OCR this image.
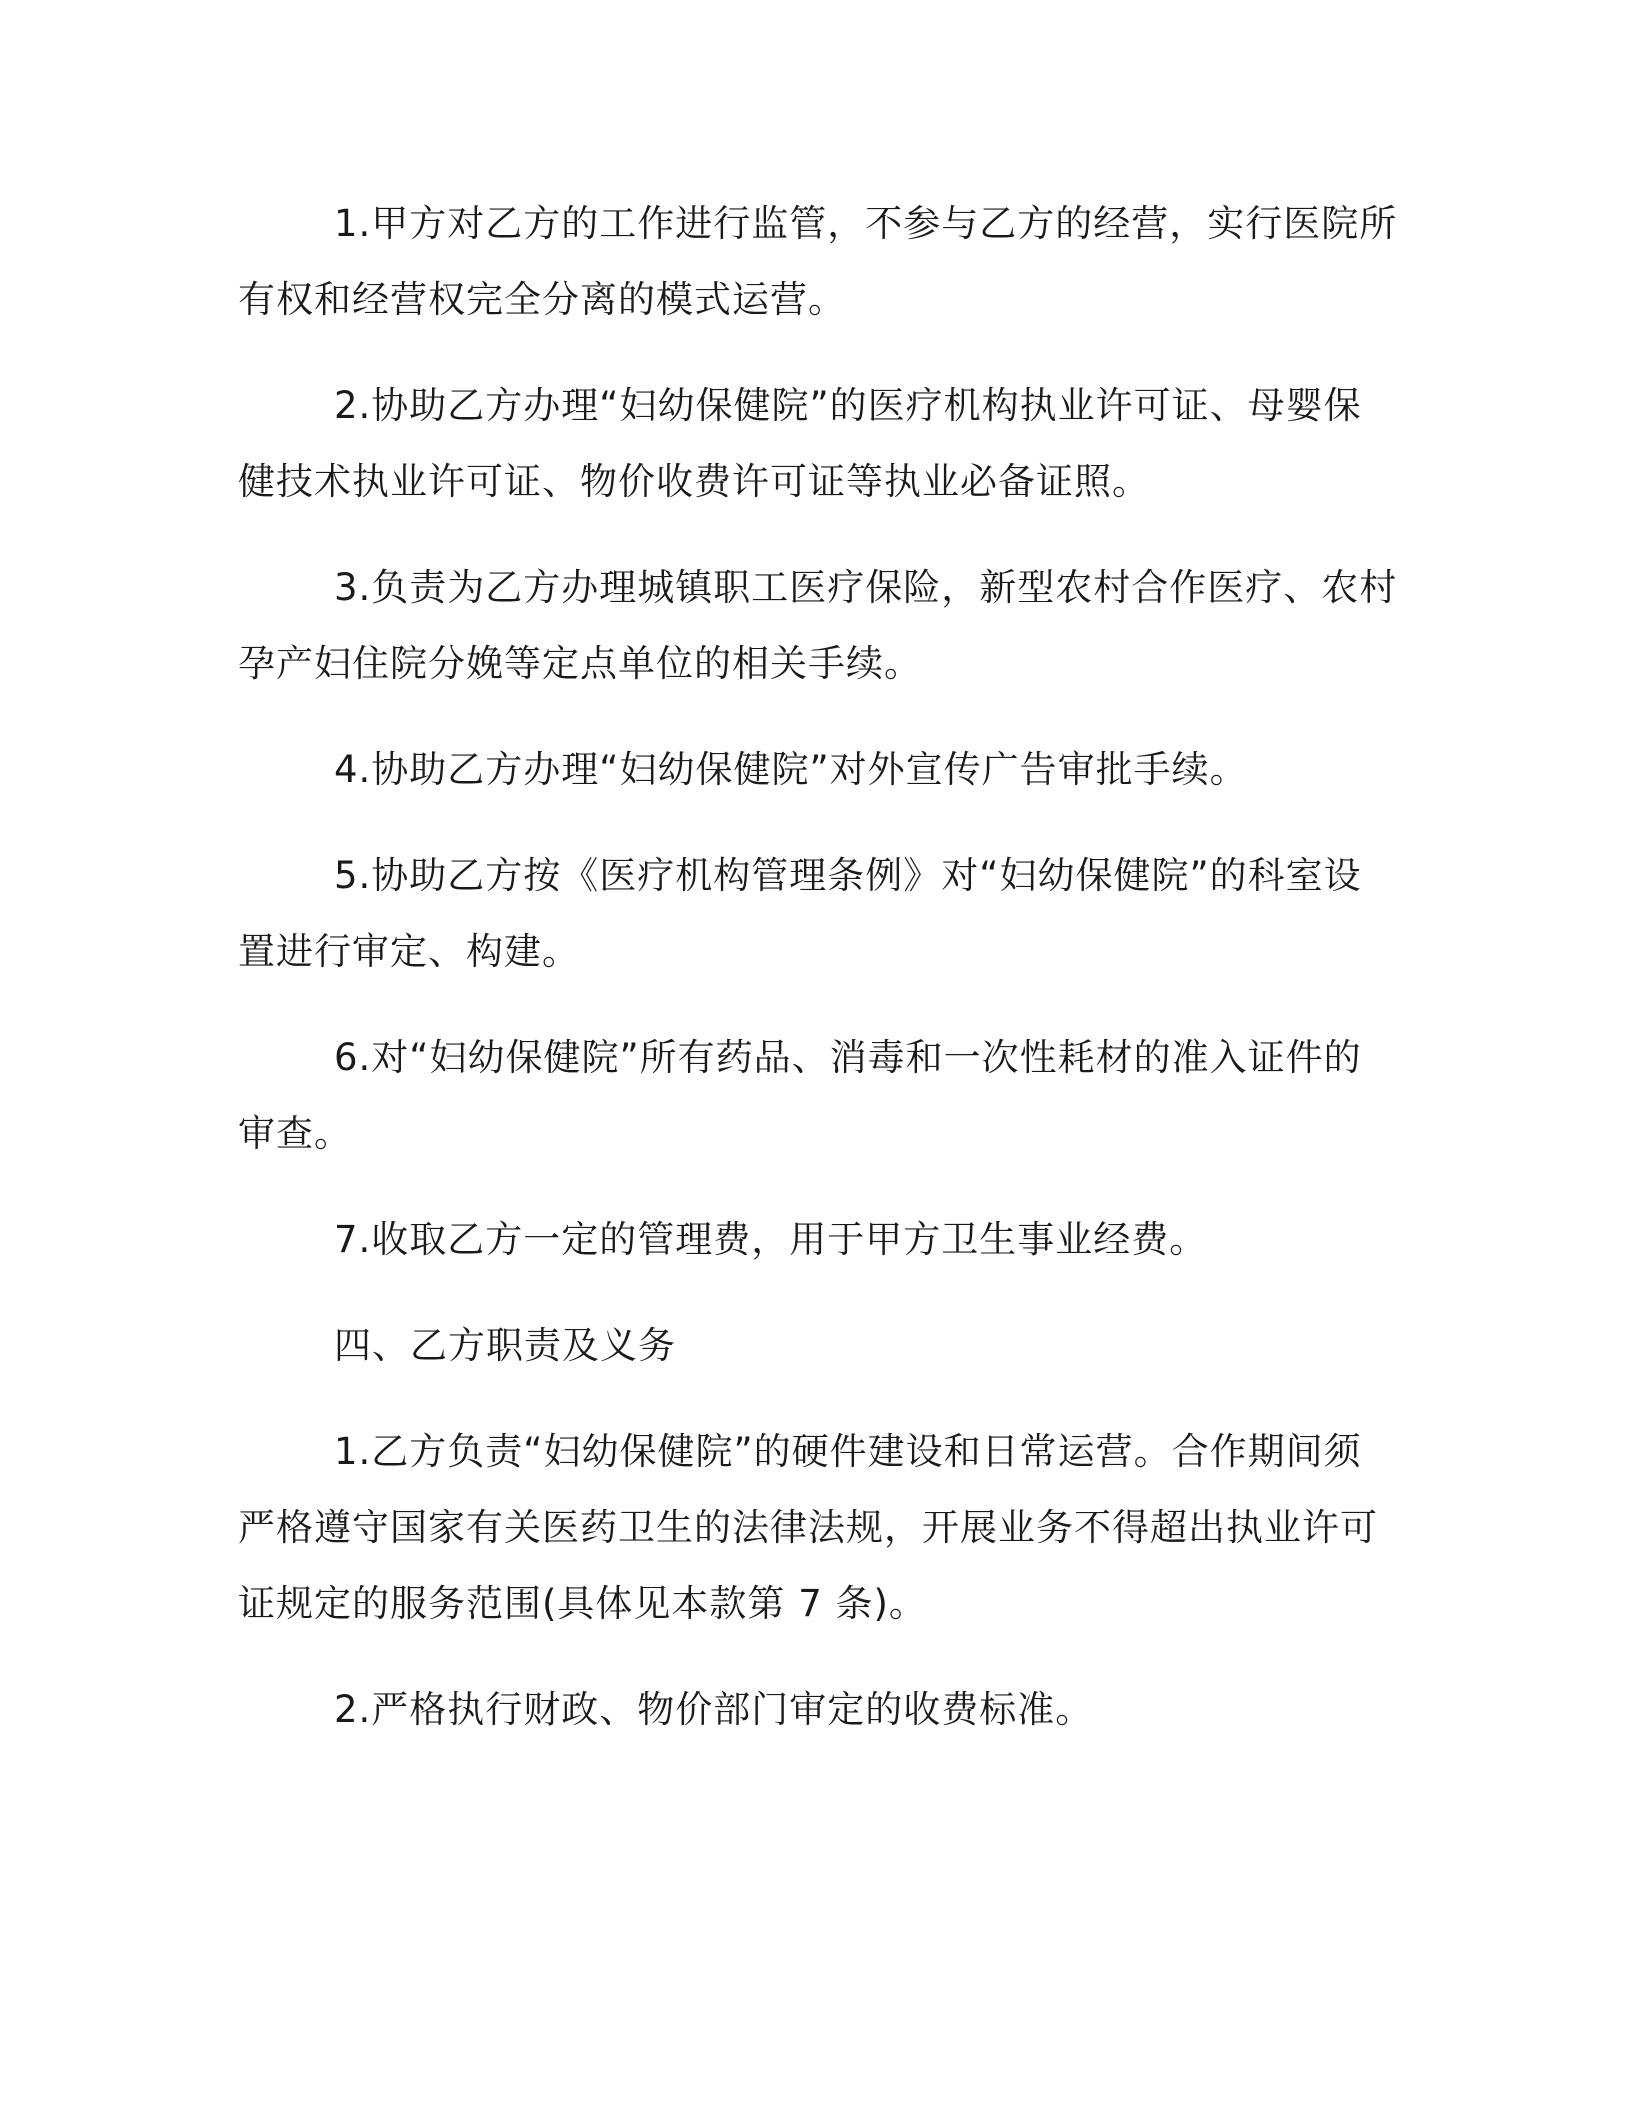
1.甲方对乙方的工作进行监管，不参与乙方的经营，实行医院所
有权和经营权完全分离的模式运营。

2.协助乙方办理“妇幼保健院”的医疗机构执业许可证、母婴保
健技术执业许可证、物价收费许可证等执业必备证照。

3.负责为乙方办理城镇职工医疗保险，新型农村合作医疗、农村
孕产妇住院分娩等定点单位的相关手续。

4.协助乙方办理“妇幼保健院”对外宣传广告审批手续。

5.协助乙方按《医疗机构管理条例》对“妇幼保健院”的科室设
置进行审定、构建。

6.对“妇幼保健院”所有药品、消毒和一次性耗材的准入证件的
审查。

7.收取乙方一定的管理费，用于甲方卫生事业经费。

四、乙方职责及义务

1.乙方负责“妇幼保健院”的硬件建设和日常运营。合作期间须
严格遵守国家有关医药卫生的法律法规，开展业务不得超出执业许可
证规定的服务范围(具体见本款第 7 条)。

2.严格执行财政、物价部门审定的收费标准。
